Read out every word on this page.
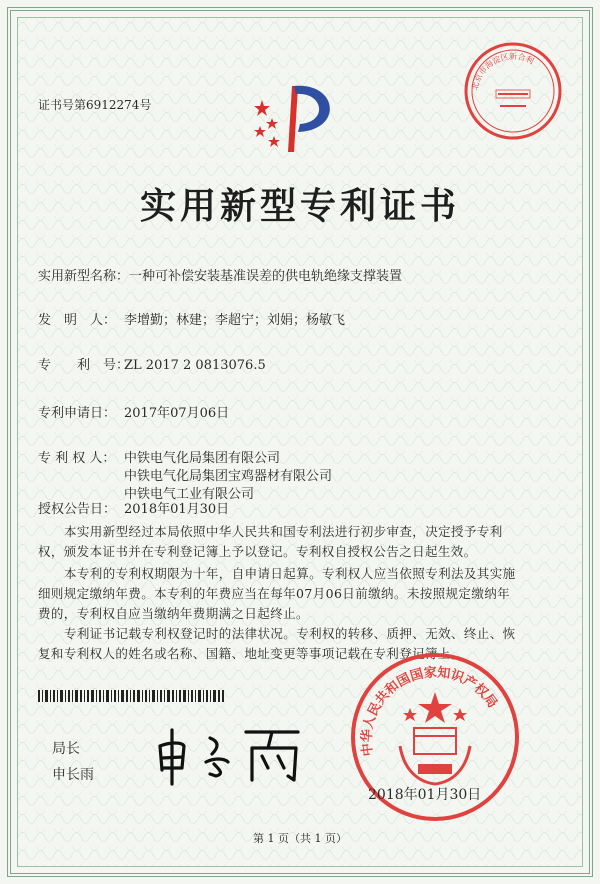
证书号第6912274号
北京市海淀区新合利
实用新型专利证书
实用新型名称：一种可补偿安装基准误差的供电轨绝缘支撑装置
发　明　人： 李增勤；林建；李超宁；刘娟；杨敏飞
专　　利　号：ZL 2017 2 0813076.5
专利申请日： 2017年07月06日
专 利 权 人： 中铁电气化局集团有限公司
中铁电气化局集团宝鸡器材有限公司
中铁电气工业有限公司
授权公告日： 2018年01月30日
本实用新型经过本局依照中华人民共和国专利法进行初步审查，决定授予专利权，颁发本证书并在专利登记簿上予以登记。专利权自授权公告之日起生效。
本专利的专利权期限为十年，自申请日起算。专利权人应当依照专利法及其实施细则规定缴纳年费。本专利的年费应当在每年07月06日前缴纳。未按照规定缴纳年费的，专利权自应当缴纳年费期满之日起终止。
专利证书记载专利权登记时的法律状况。专利权的转移、质押、无效、终止、恢复和专利权人的姓名或名称、国籍、地址变更等事项记载在专利登记簿上。
局长
申长雨
中华人民共和国国家知识产权局
2018年01月30日
第 1 页（共 1 页）
